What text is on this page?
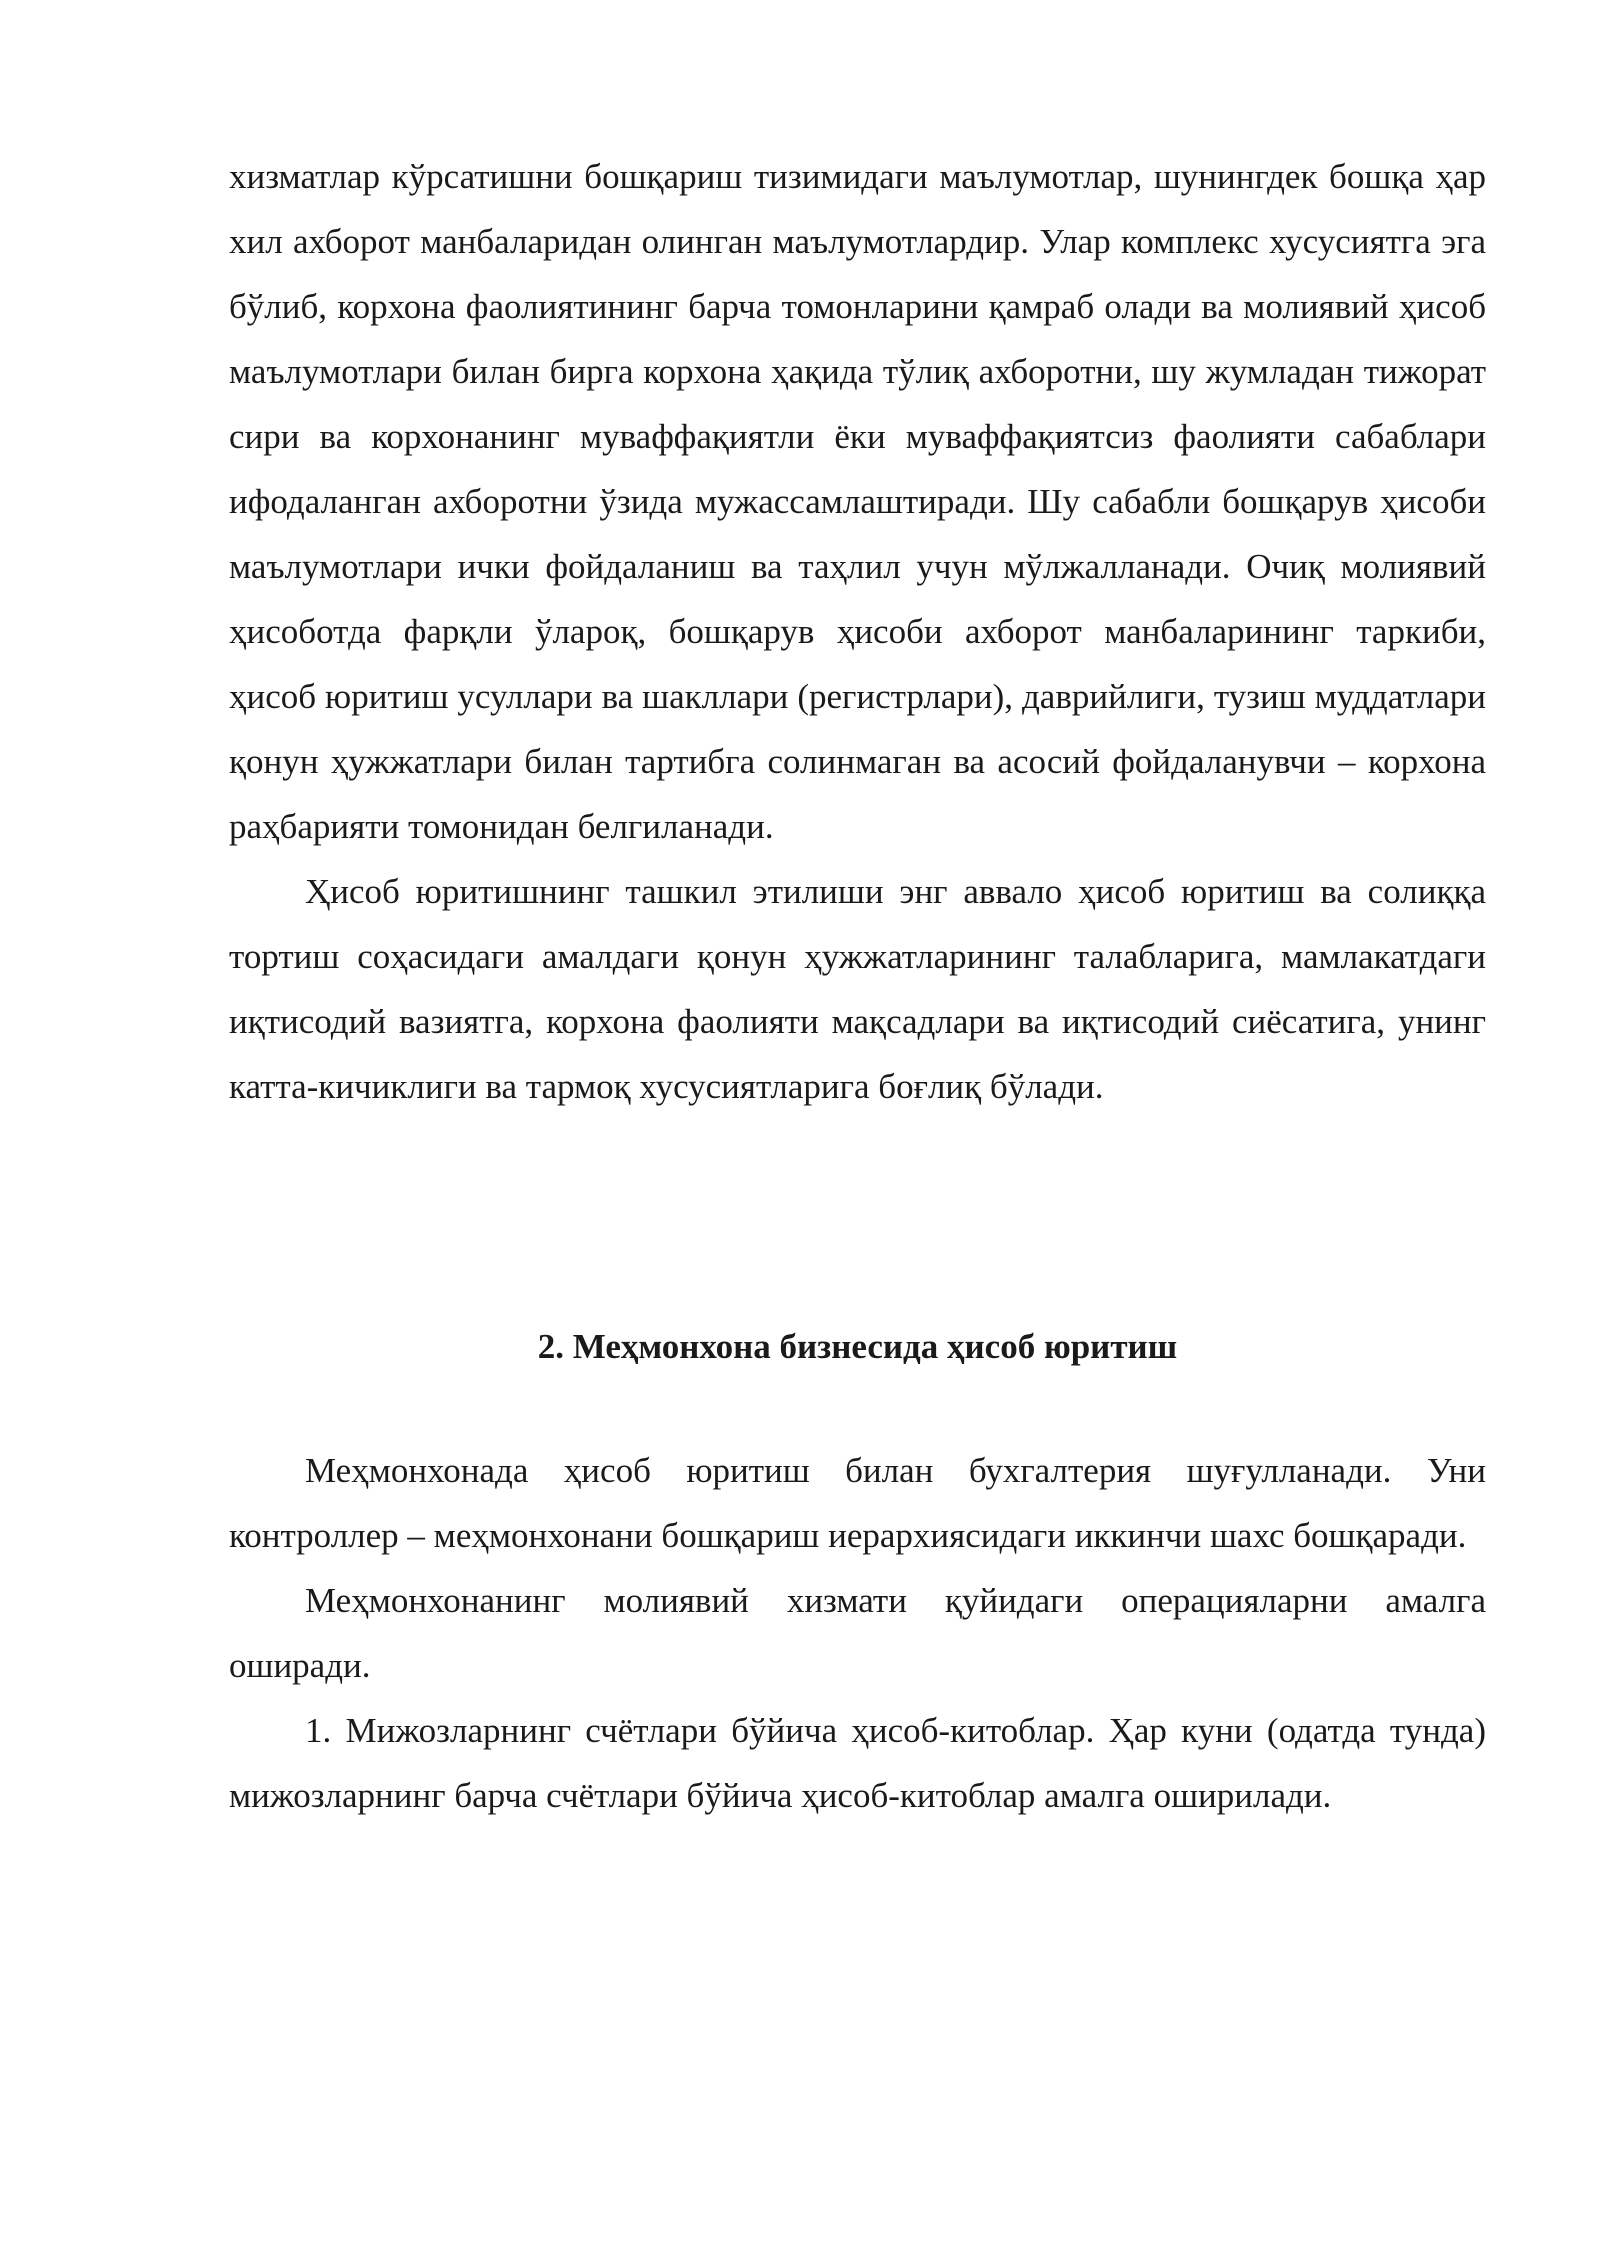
хизматлар кўрсатишни бошқариш тизимидаги маълумотлар, шунингдек бошқа ҳар хил ахборот манбаларидан олинган маълумотлардир. Улар комплекс хусусиятга эга бўлиб, корхона фаолиятининг барча томонларини қамраб олади ва молиявий ҳисоб маълумотлари билан бирга корхона ҳақида тўлиқ ахборотни, шу жумладан тижорат сири ва корхонанинг муваффақиятли ёки муваффақиятсиз фаолияти сабаблари ифодаланган ахборотни ўзида мужассамлаштиради. Шу сабабли бошқарув ҳисоби маълумотлари ички фойдаланиш ва таҳлил учун мўлжалланади. Очиқ молиявий ҳисоботда фарқли ўлароқ, бошқарув ҳисоби ахборот манбаларининг таркиби, ҳисоб юритиш усуллари ва шакллари (регистрлари), даврийлиги, тузиш муддатлари қонун ҳужжатлари билан тартибга солинмаган ва асосий фойдаланувчи – корхона раҳбарияти томонидан белгиланади.

Ҳисоб юритишнинг ташкил этилиши энг аввало ҳисоб юритиш ва солиққа тортиш соҳасидаги амалдаги қонун ҳужжатларининг талабларига, мамлакатдаги иқтисодий вазиятга, корхона фаолияти мақсадлари ва иқтисодий сиёсатига, унинг катта-кичиклиги ва тармоқ хусусиятларига боғлиқ бўлади.

2. Меҳмонхона бизнесида ҳисоб юритиш

Меҳмонхонада ҳисоб юритиш билан бухгалтерия шуғулланади. Уни контроллер – меҳмонхонани бошқариш иерархиясидаги иккинчи шахс бошқаради.

Меҳмонхонанинг молиявий хизмати қуйидаги операцияларни амалга оширади.

1. Мижозларнинг счётлари бўйича ҳисоб-китоблар. Ҳар куни (одатда тунда) мижозларнинг барча счётлари бўйича ҳисоб-китоблар амалга оширилади.
